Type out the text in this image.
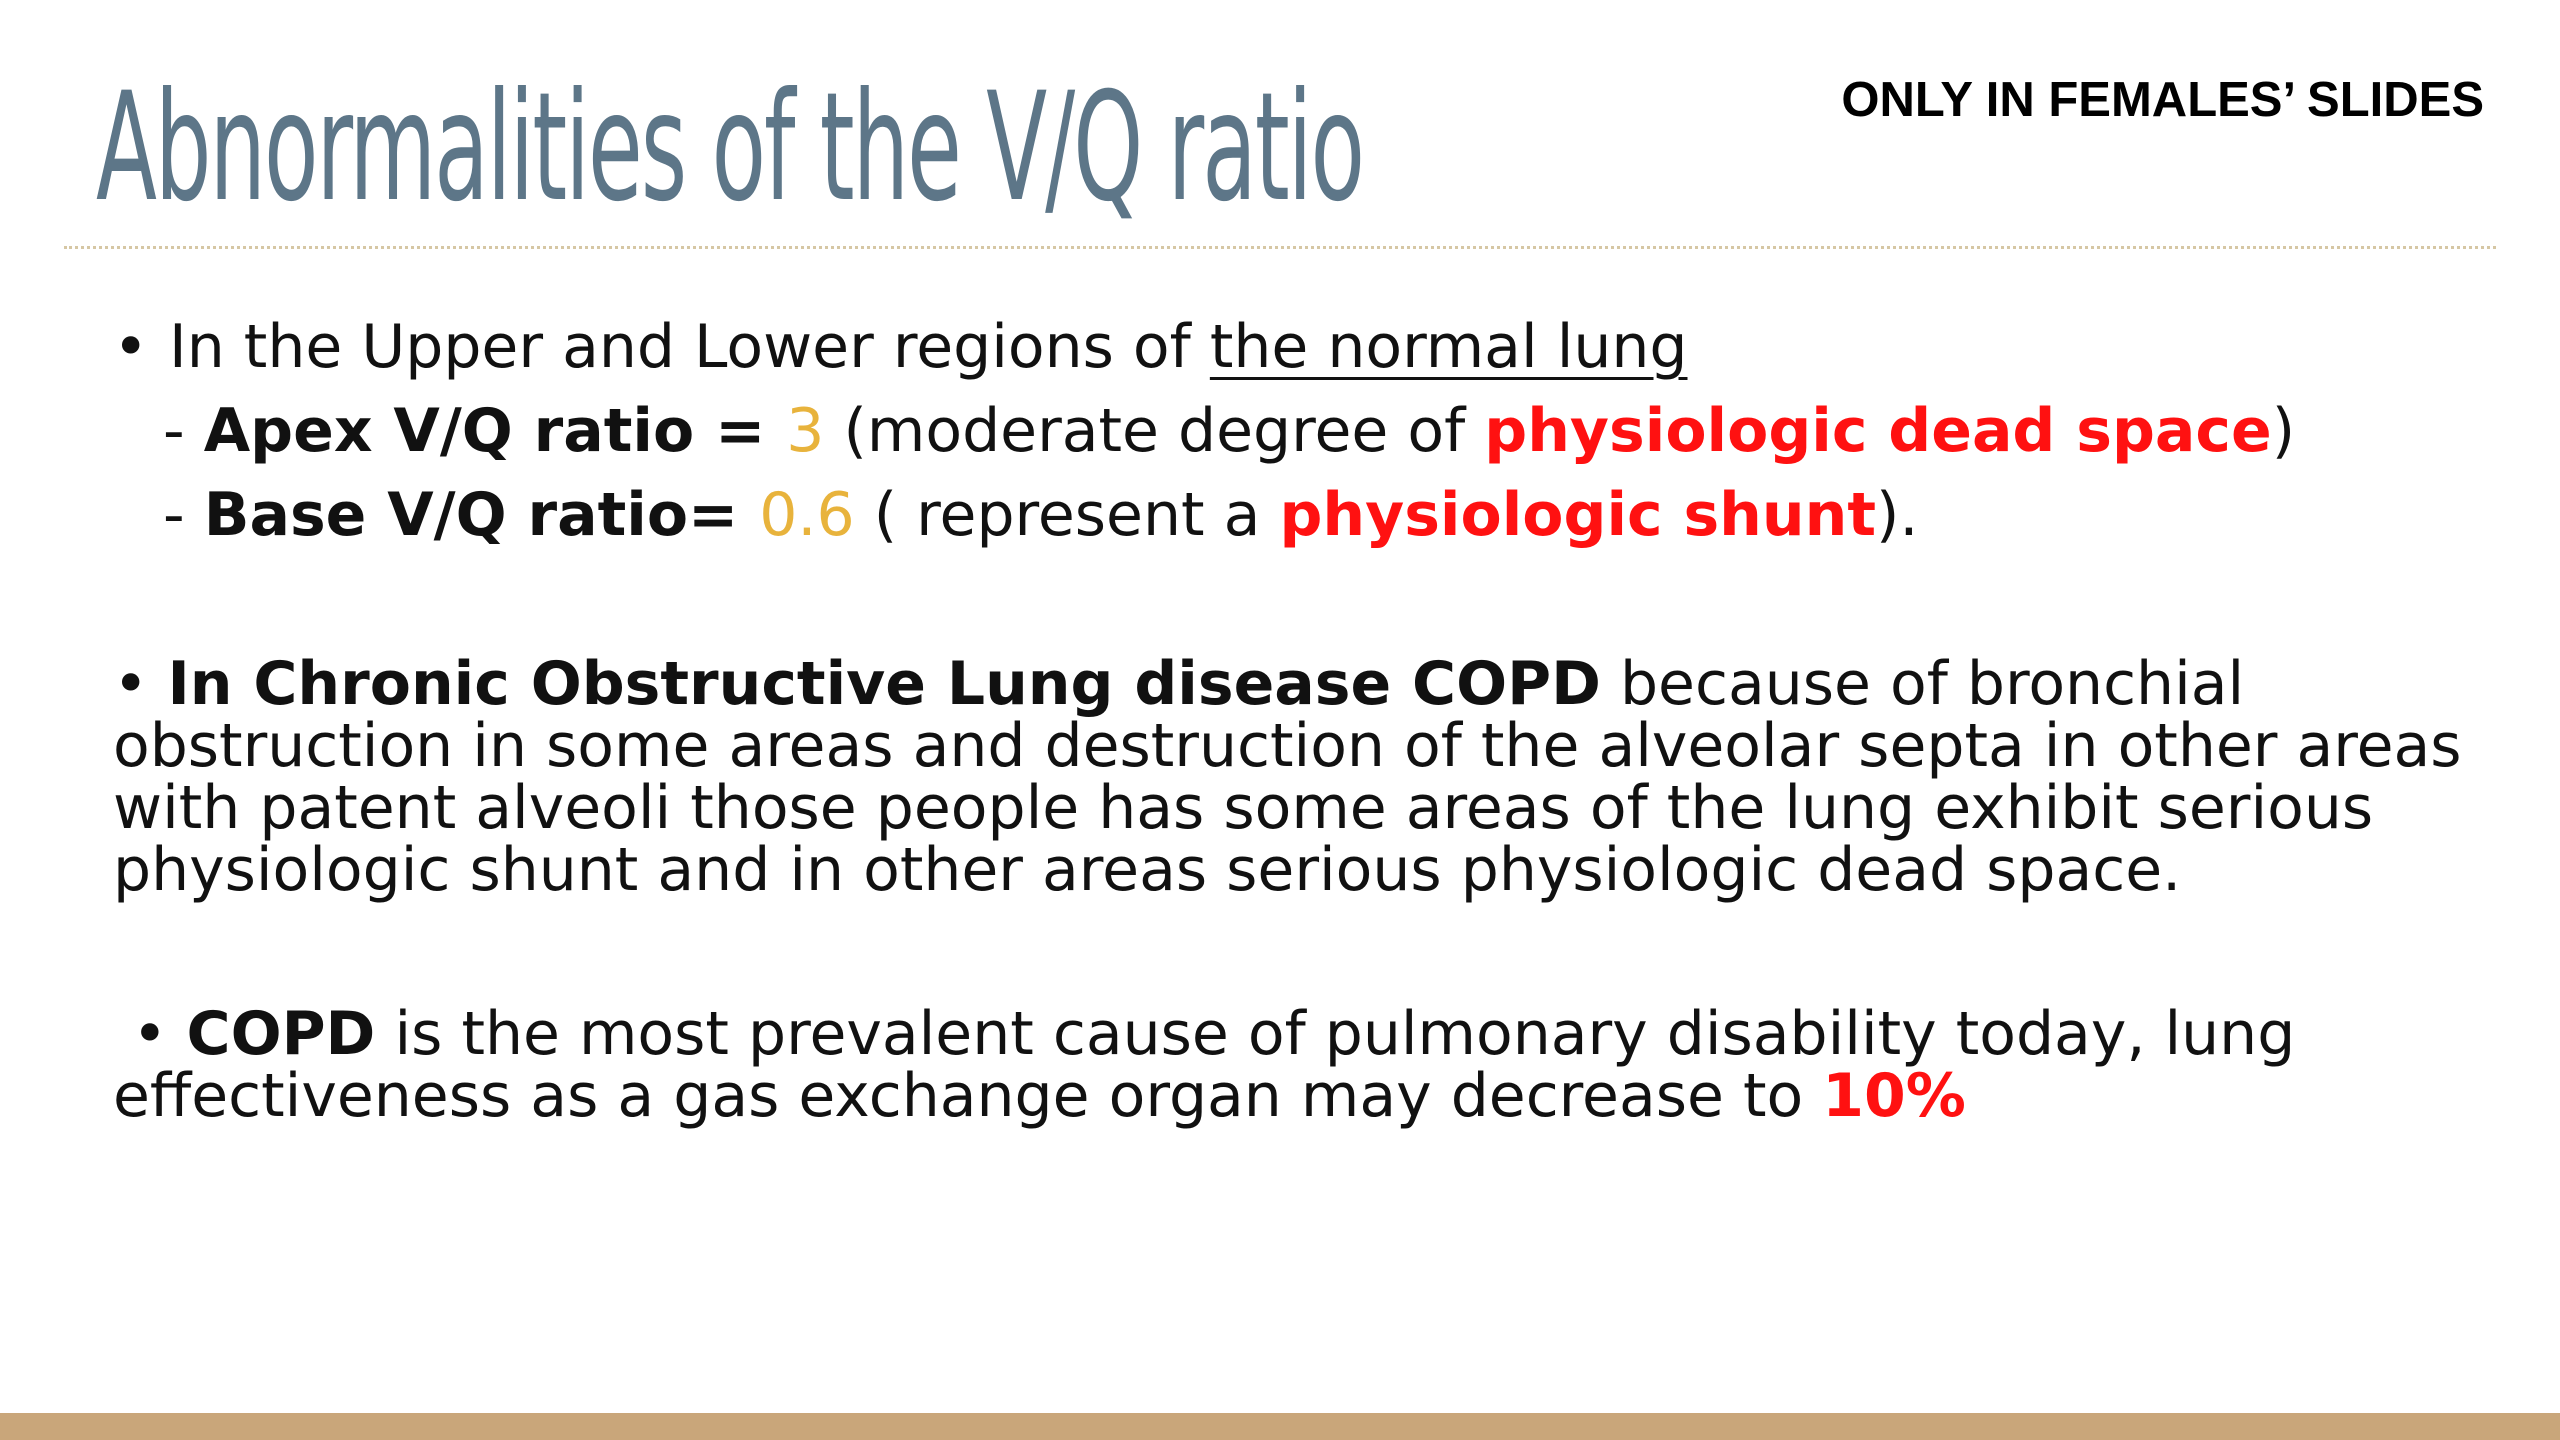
Abnormalities of the V/Q ratio	ONLY IN FEMALES’ SLIDES
• In the Upper and Lower regions of the normal lung
- Apex V/Q ratio = 3 (moderate degree of physiologic dead space)
- Base V/Q ratio= 0.6 ( represent a physiologic shunt).
• In Chronic Obstructive Lung disease COPD because of bronchial obstruction in some areas and destruction of the alveolar septa in other areas with patent alveoli those people has some areas of the lung exhibit serious physiologic shunt and in other areas serious physiologic dead space.
• COPD is the most prevalent cause of pulmonary disability today, lung effectiveness as a gas exchange organ may decrease to 10%
